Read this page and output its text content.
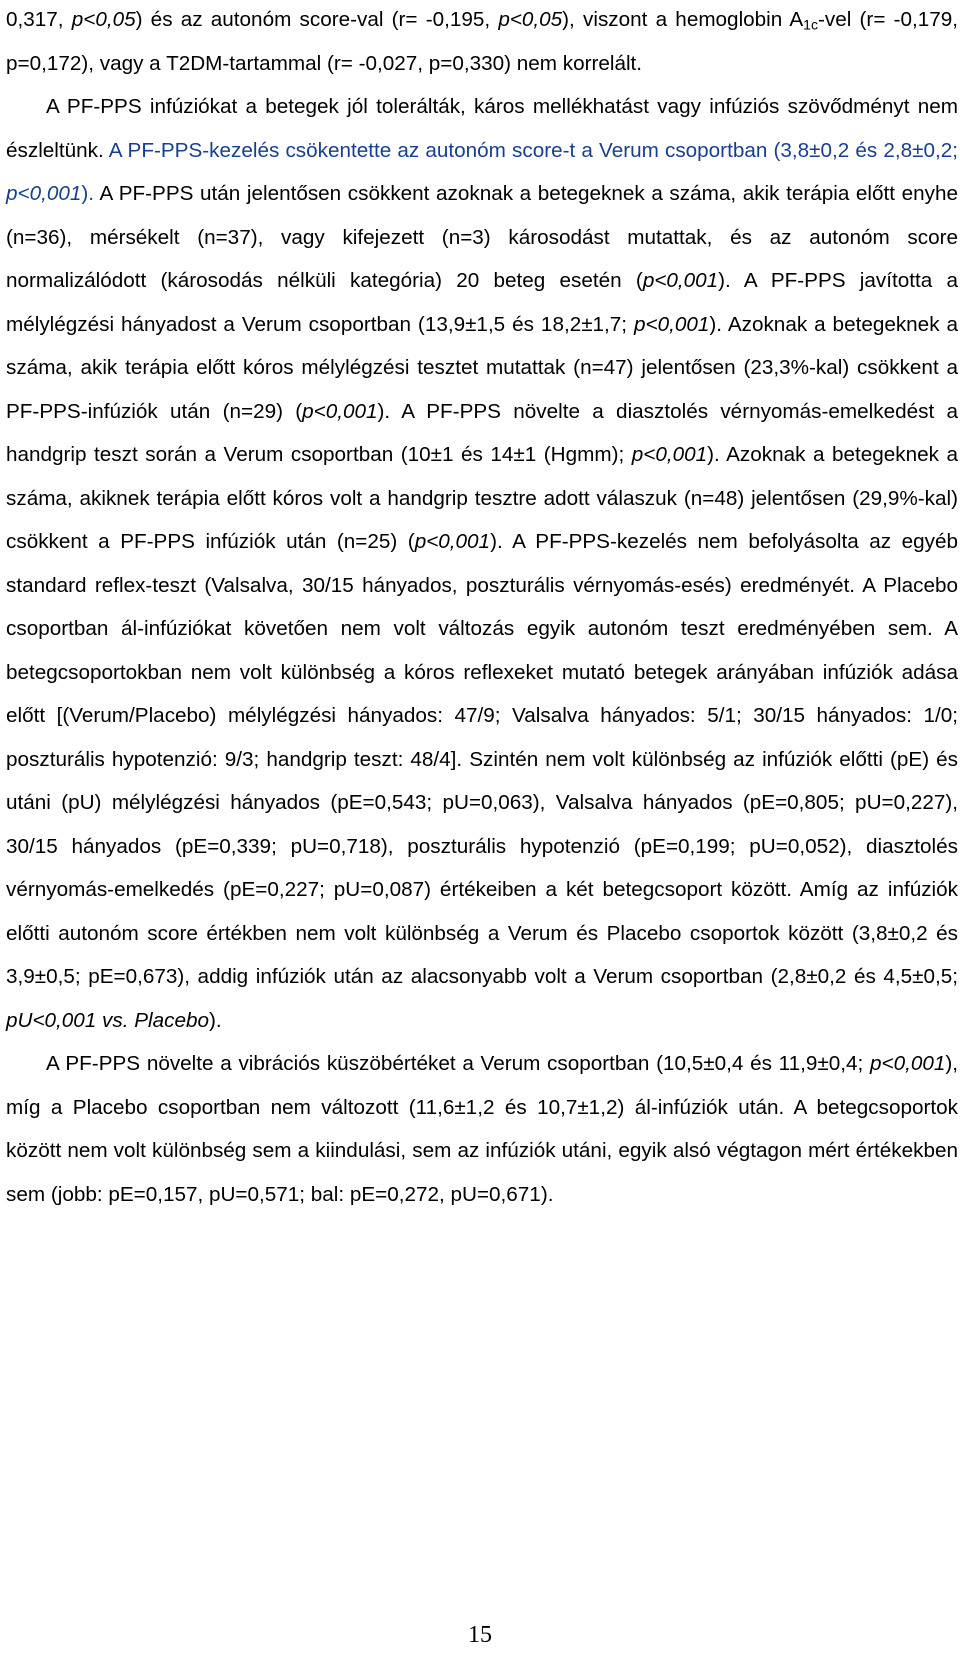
0,317, p<0,05) és az autonóm score-val (r= -0,195, p<0,05), viszont a hemoglobin $A_{1c}$-vel (r= -0,179, p=0,172), vagy a T2DM-tartammal (r= -0,027, p=0,330) nem korrelált.

A PF-PPS infúziókat a betegek jól tolerálták, káros mellékhatást vagy infúziós szövődményt nem észleltünk. A PF-PPS-kezelés csökentette az autonóm score-t a Verum csoportban (3,8±0,2 és 2,8±0,2; p<0,001). A PF-PPS után jelentősen csökkent azoknak a betegeknek a száma, akik terápia előtt enyhe (n=36), mérsékelt (n=37), vagy kifejezett (n=3) károsodást mutattak, és az autonóm score normalizálódott (károsodás nélküli kategória) 20 beteg esetén (p<0,001). A PF-PPS javította a mélylégzési hányadost a Verum csoportban (13,9±1,5 és 18,2±1,7; p<0,001). Azoknak a betegeknek a száma, akik terápia előtt kóros mélylégzési tesztet mutattak (n=47) jelentősen (23,3%-kal) csökkent a PF-PPS-infúziók után (n=29) (p<0,001). A PF-PPS növelte a diasztolés vérnyomás-emelkedést a handgrip teszt során a Verum csoportban (10±1 és 14±1 (Hgmm); p<0,001). Azoknak a betegeknek a száma, akiknek terápia előtt kóros volt a handgrip tesztre adott válaszuk (n=48) jelentősen (29,9%-kal) csökkent a PF-PPS infúziók után (n=25) (p<0,001). A PF-PPS-kezelés nem befolyásolta az egyéb standard reflex-teszt (Valsalva, 30/15 hányados, poszturális vérnyomás-esés) eredményét. A Placebo csoportban ál-infúziókat követően nem volt változás egyik autonóm teszt eredményében sem. A betegcsoportokban nem volt különbség a kóros reflexeket mutató betegek arányában infúziók adása előtt [(Verum/Placebo) mélylégzési hányados: 47/9; Valsalva hányados: 5/1; 30/15 hányados: 1/0; poszturális hypotenzió: 9/3; handgrip teszt: 48/4]. Szintén nem volt különbség az infúziók előtti (pE) és utáni (pU) mélylégzési hányados (pE=0,543; pU=0,063), Valsalva hányados (pE=0,805; pU=0,227), 30/15 hányados (pE=0,339; pU=0,718), poszturális hypotenzió (pE=0,199; pU=0,052), diasztolés vérnyomás-emelkedés (pE=0,227; pU=0,087) értékeiben a két betegcsoport között. Amíg az infúziók előtti autonóm score értékben nem volt különbség a Verum és Placebo csoportok között (3,8±0,2 és 3,9±0,5; pE=0,673), addig infúziók után az alacsonyabb volt a Verum csoportban (2,8±0,2 és 4,5±0,5; pU<0,001 vs. Placebo).

A PF-PPS növelte a vibrációs küszöbértéket a Verum csoportban (10,5±0,4 és 11,9±0,4; p<0,001), míg a Placebo csoportban nem változott (11,6±1,2 és 10,7±1,2) ál-infúziók után. A betegcsoportok között nem volt különbség sem a kiindulási, sem az infúziók utáni, egyik alsó végtagon mért értékekben sem (jobb: pE=0,157, pU=0,571; bal: pE=0,272, pU=0,671).

15
